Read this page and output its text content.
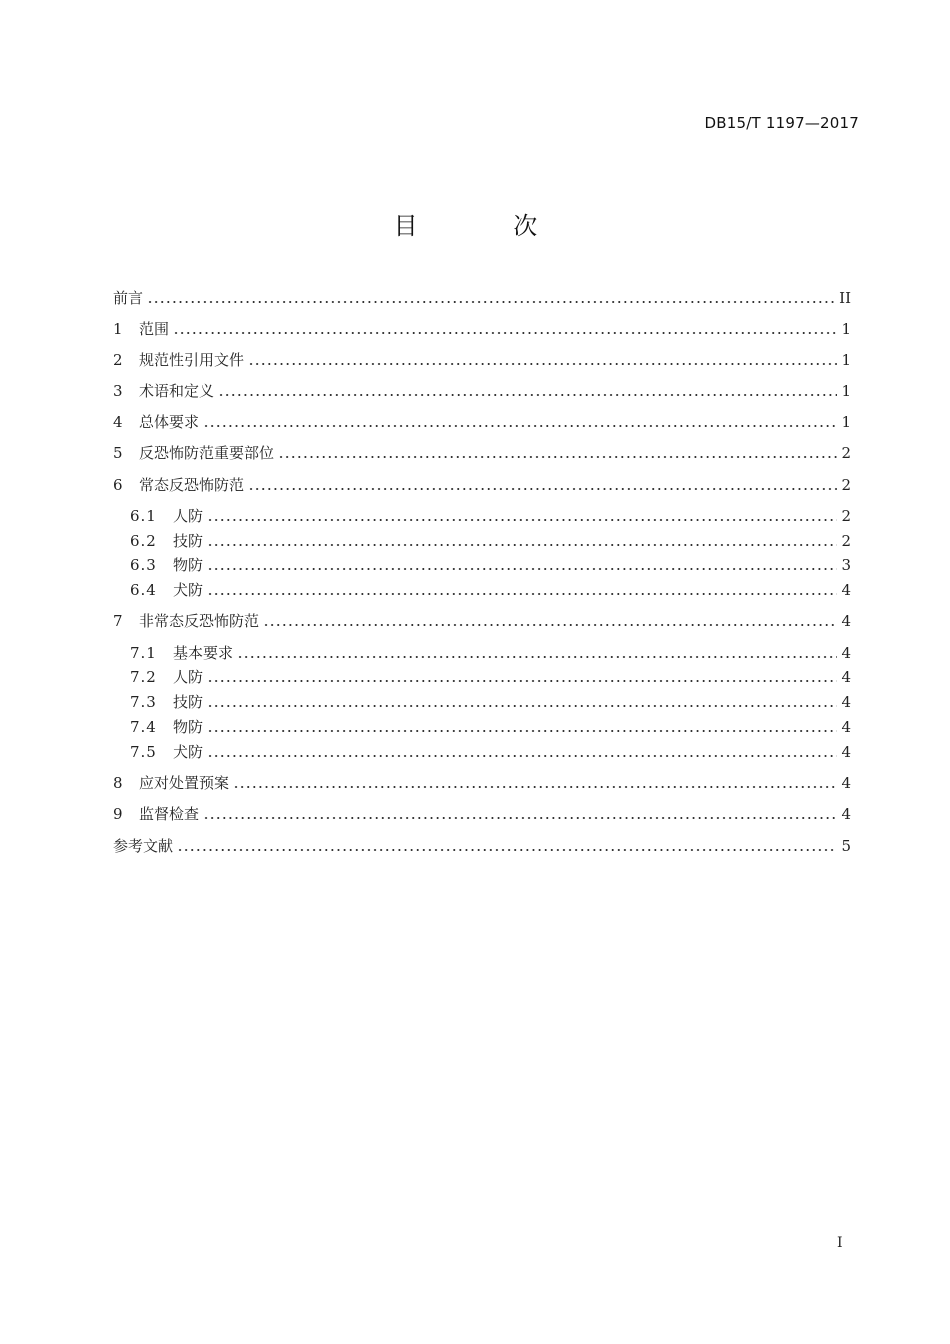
DB15/T 1197—2017
目 次
前言	II
1	范围	1
2	规范性引用文件	1
3	术语和定义	1
4	总体要求	1
5	反恐怖防范重要部位	2
6	常态反恐怖防范	2
6.1	人防	2
6.2	技防	2
6.3	物防	3
6.4	犬防	4
7	非常态反恐怖防范	4
7.1	基本要求	4
7.2	人防	4
7.3	技防	4
7.4	物防	4
7.5	犬防	4
8	应对处置预案	4
9	监督检查	4
参考文献	5
I
